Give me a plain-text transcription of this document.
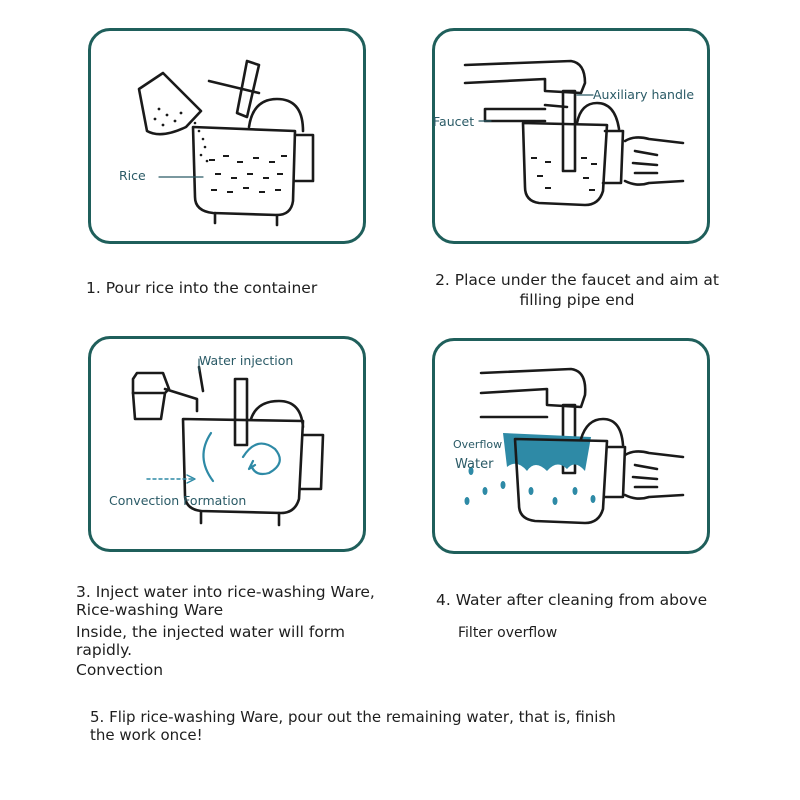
Rice
Auxiliary handle
Faucet
1. Pour rice into the container	2. Place under the faucet and aim at
filling pipe end
Water injection
Convection Formation
Overflow
Water
3. Inject water into rice-washing Ware,
Rice-washing Ware
Inside, the injected water will form
rapidly.
Convection
4. Water after cleaning from above
Filter overflow
5. Flip rice-washing Ware, pour out the remaining water, that is, finish
the work once!
